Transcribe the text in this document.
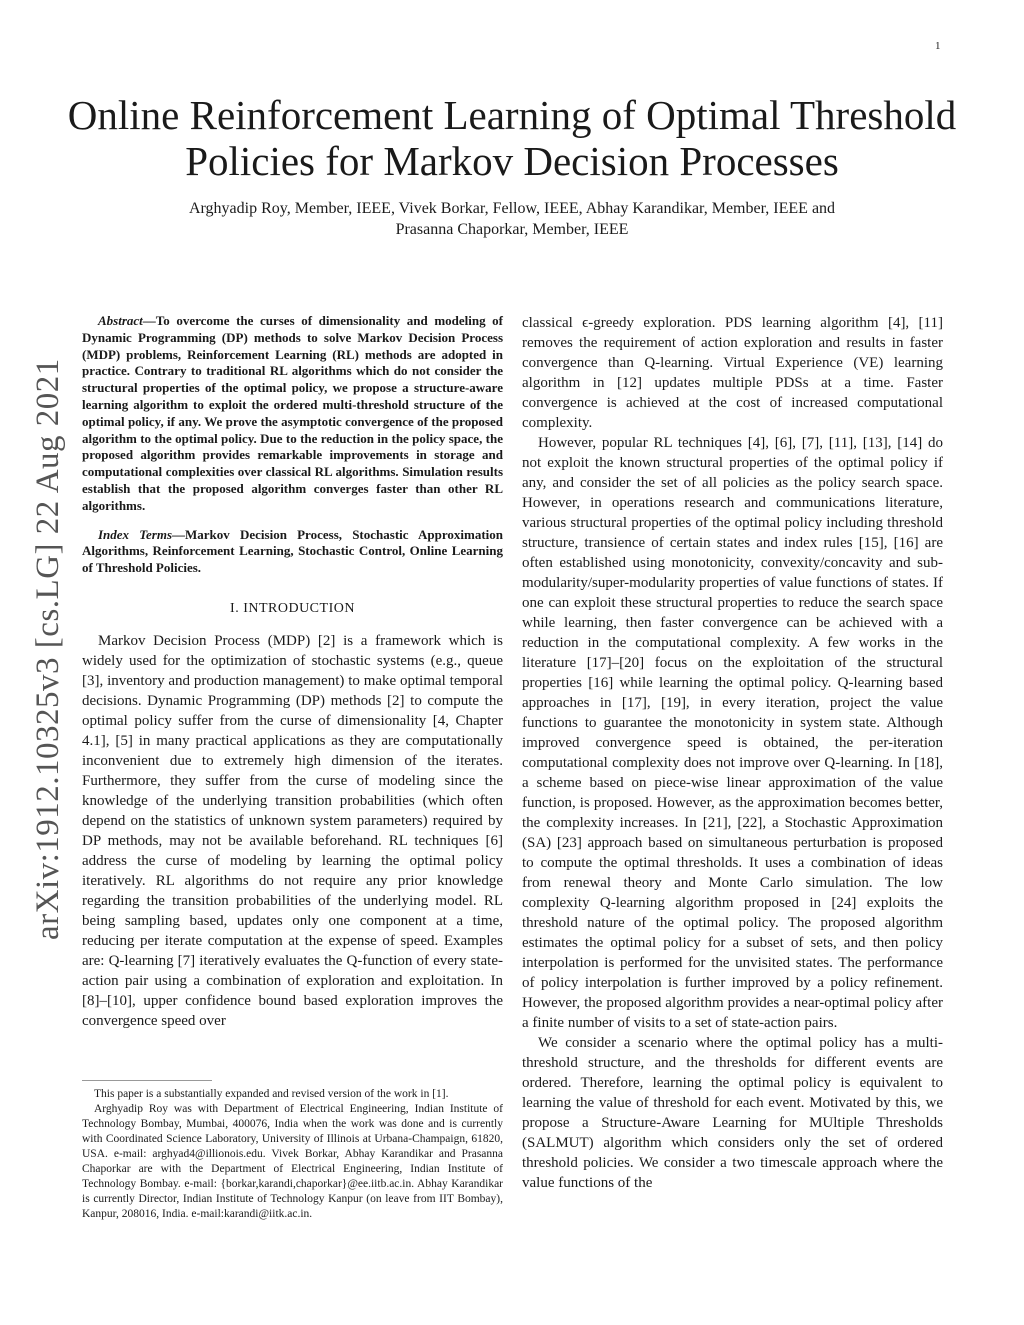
1
arXiv:1912.10325v3 [cs.LG] 22 Aug 2021
Online Reinforcement Learning of Optimal Threshold Policies for Markov Decision Processes
Arghyadip Roy, Member, IEEE, Vivek Borkar, Fellow, IEEE, Abhay Karandikar, Member, IEEE and
Prasanna Chaporkar, Member, IEEE

Abstract—To overcome the curses of dimensionality and modeling of Dynamic Programming (DP) methods to solve Markov Decision Process (MDP) problems, Reinforcement Learning (RL) methods are adopted in practice. Contrary to traditional RL algorithms which do not consider the structural properties of the optimal policy, we propose a structure-aware learning algorithm to exploit the ordered multi-threshold structure of the optimal policy, if any. We prove the asymptotic convergence of the proposed algorithm to the optimal policy. Due to the reduction in the policy space, the proposed algorithm provides remarkable improvements in storage and computational complexities over classical RL algorithms. Simulation results establish that the proposed algorithm converges faster than other RL algorithms.

Index Terms—Markov Decision Process, Stochastic Approximation Algorithms, Reinforcement Learning, Stochastic Control, Online Learning of Threshold Policies.

I. INTRODUCTION

Markov Decision Process (MDP) [2] is a framework which is widely used for the optimization of stochastic systems (e.g., queue [3], inventory and production management) to make optimal temporal decisions. Dynamic Programming (DP) methods [2] to compute the optimal policy suffer from the curse of dimensionality [4, Chapter 4.1], [5] in many practical applications as they are computationally inconvenient due to extremely high dimension of the iterates. Furthermore, they suffer from the curse of modeling since the knowledge of the underlying transition probabilities (which often depend on the statistics of unknown system parameters) required by DP methods, may not be available beforehand. RL techniques [6] address the curse of modeling by learning the optimal policy iteratively. RL algorithms do not require any prior knowledge regarding the transition probabilities of the underlying model. RL being sampling based, updates only one component at a time, reducing per iterate computation at the expense of speed. Examples are: Q-learning [7] iteratively evaluates the Q-function of every state-action pair using a combination of exploration and exploitation. In [8]–[10], upper confidence bound based exploration improves the convergence speed over

This paper is a substantially expanded and revised version of the work in [1].

Arghyadip Roy was with Department of Electrical Engineering, Indian Institute of Technology Bombay, Mumbai, 400076, India when the work was done and is currently with Coordinated Science Laboratory, University of Illinois at Urbana-Champaign, 61820, USA. e-mail: arghyad4@illionois.edu. Vivek Borkar, Abhay Karandikar and Prasanna Chaporkar are with the Department of Electrical Engineering, Indian Institute of Technology Bombay. e-mail: {borkar,karandi,chaporkar}@ee.iitb.ac.in. Abhay Karandikar is currently Director, Indian Institute of Technology Kanpur (on leave from IIT Bombay), Kanpur, 208016, India. e-mail:karandi@iitk.ac.in.

classical ϵ-greedy exploration. PDS learning algorithm [4], [11] removes the requirement of action exploration and results in faster convergence than Q-learning. Virtual Experience (VE) learning algorithm in [12] updates multiple PDSs at a time. Faster convergence is achieved at the cost of increased computational complexity.

However, popular RL techniques [4], [6], [7], [11], [13], [14] do not exploit the known structural properties of the optimal policy if any, and consider the set of all policies as the policy search space. However, in operations research and communications literature, various structural properties of the optimal policy including threshold structure, transience of certain states and index rules [15], [16] are often established using monotonicity, convexity/concavity and sub-modularity/super-modularity properties of value functions of states. If one can exploit these structural properties to reduce the search space while learning, then faster convergence can be achieved with a reduction in the computational complexity. A few works in the literature [17]–[20] focus on the exploitation of the structural properties [16] while learning the optimal policy. Q-learning based approaches in [17], [19], in every iteration, project the value functions to guarantee the monotonicity in system state. Although improved convergence speed is obtained, the per-iteration computational complexity does not improve over Q-learning. In [18], a scheme based on piece-wise linear approximation of the value function, is proposed. However, as the approximation becomes better, the complexity increases. In [21], [22], a Stochastic Approximation (SA) [23] approach based on simultaneous perturbation is proposed to compute the optimal thresholds. It uses a combination of ideas from renewal theory and Monte Carlo simulation. The low complexity Q-learning algorithm proposed in [24] exploits the threshold nature of the optimal policy. The proposed algorithm estimates the optimal policy for a subset of sets, and then policy interpolation is performed for the unvisited states. The performance of policy interpolation is further improved by a policy refinement. However, the proposed algorithm provides a near-optimal policy after a finite number of visits to a set of state-action pairs.

We consider a scenario where the optimal policy has a multi-threshold structure, and the thresholds for different events are ordered. Therefore, learning the optimal policy is equivalent to learning the value of threshold for each event. Motivated by this, we propose a Structure-Aware Learning for MUltiple Thresholds (SALMUT) algorithm which considers only the set of ordered threshold policies. We consider a two timescale approach where the value functions of the
